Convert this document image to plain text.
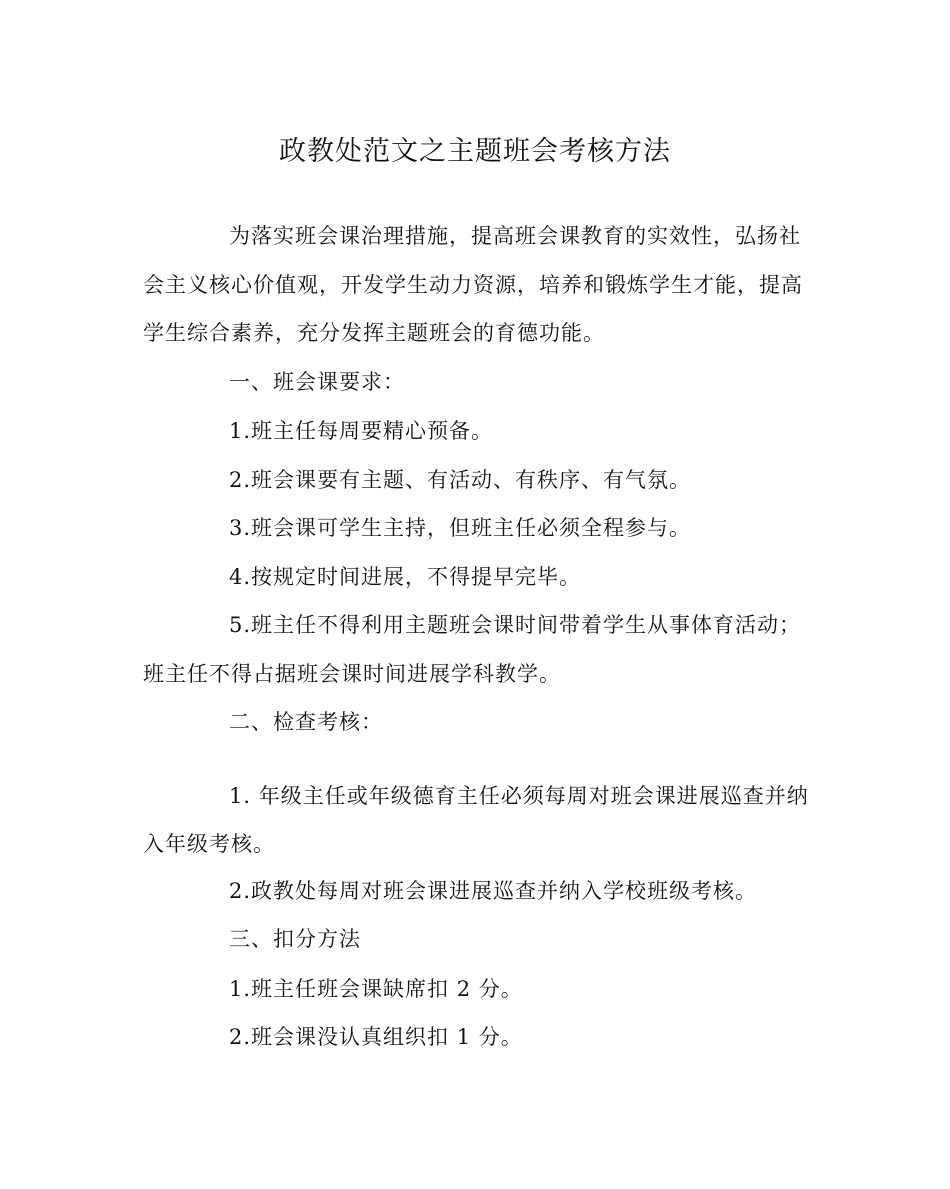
政教处范文之主题班会考核方法

为落实班会课治理措施，提高班会课教育的实效性，弘扬社

会主义核心价值观，开发学生动力资源，培养和锻炼学生才能，提高

学生综合素养，充分发挥主题班会的育德功能。

一、班会课要求：

1.班主任每周要精心预备。

2.班会课要有主题、有活动、有秩序、有气氛。

3.班会课可学生主持，但班主任必须全程参与。

4.按规定时间进展，不得提早完毕。

5.班主任不得利用主题班会课时间带着学生从事体育活动；

班主任不得占据班会课时间进展学科教学。

二、检查考核：

1. 年级主任或年级德育主任必须每周对班会课进展巡查并纳

入年级考核。

2.政教处每周对班会课进展巡查并纳入学校班级考核。

三、扣分方法

1.班主任班会课缺席扣 2 分。

2.班会课没认真组织扣 1 分。
